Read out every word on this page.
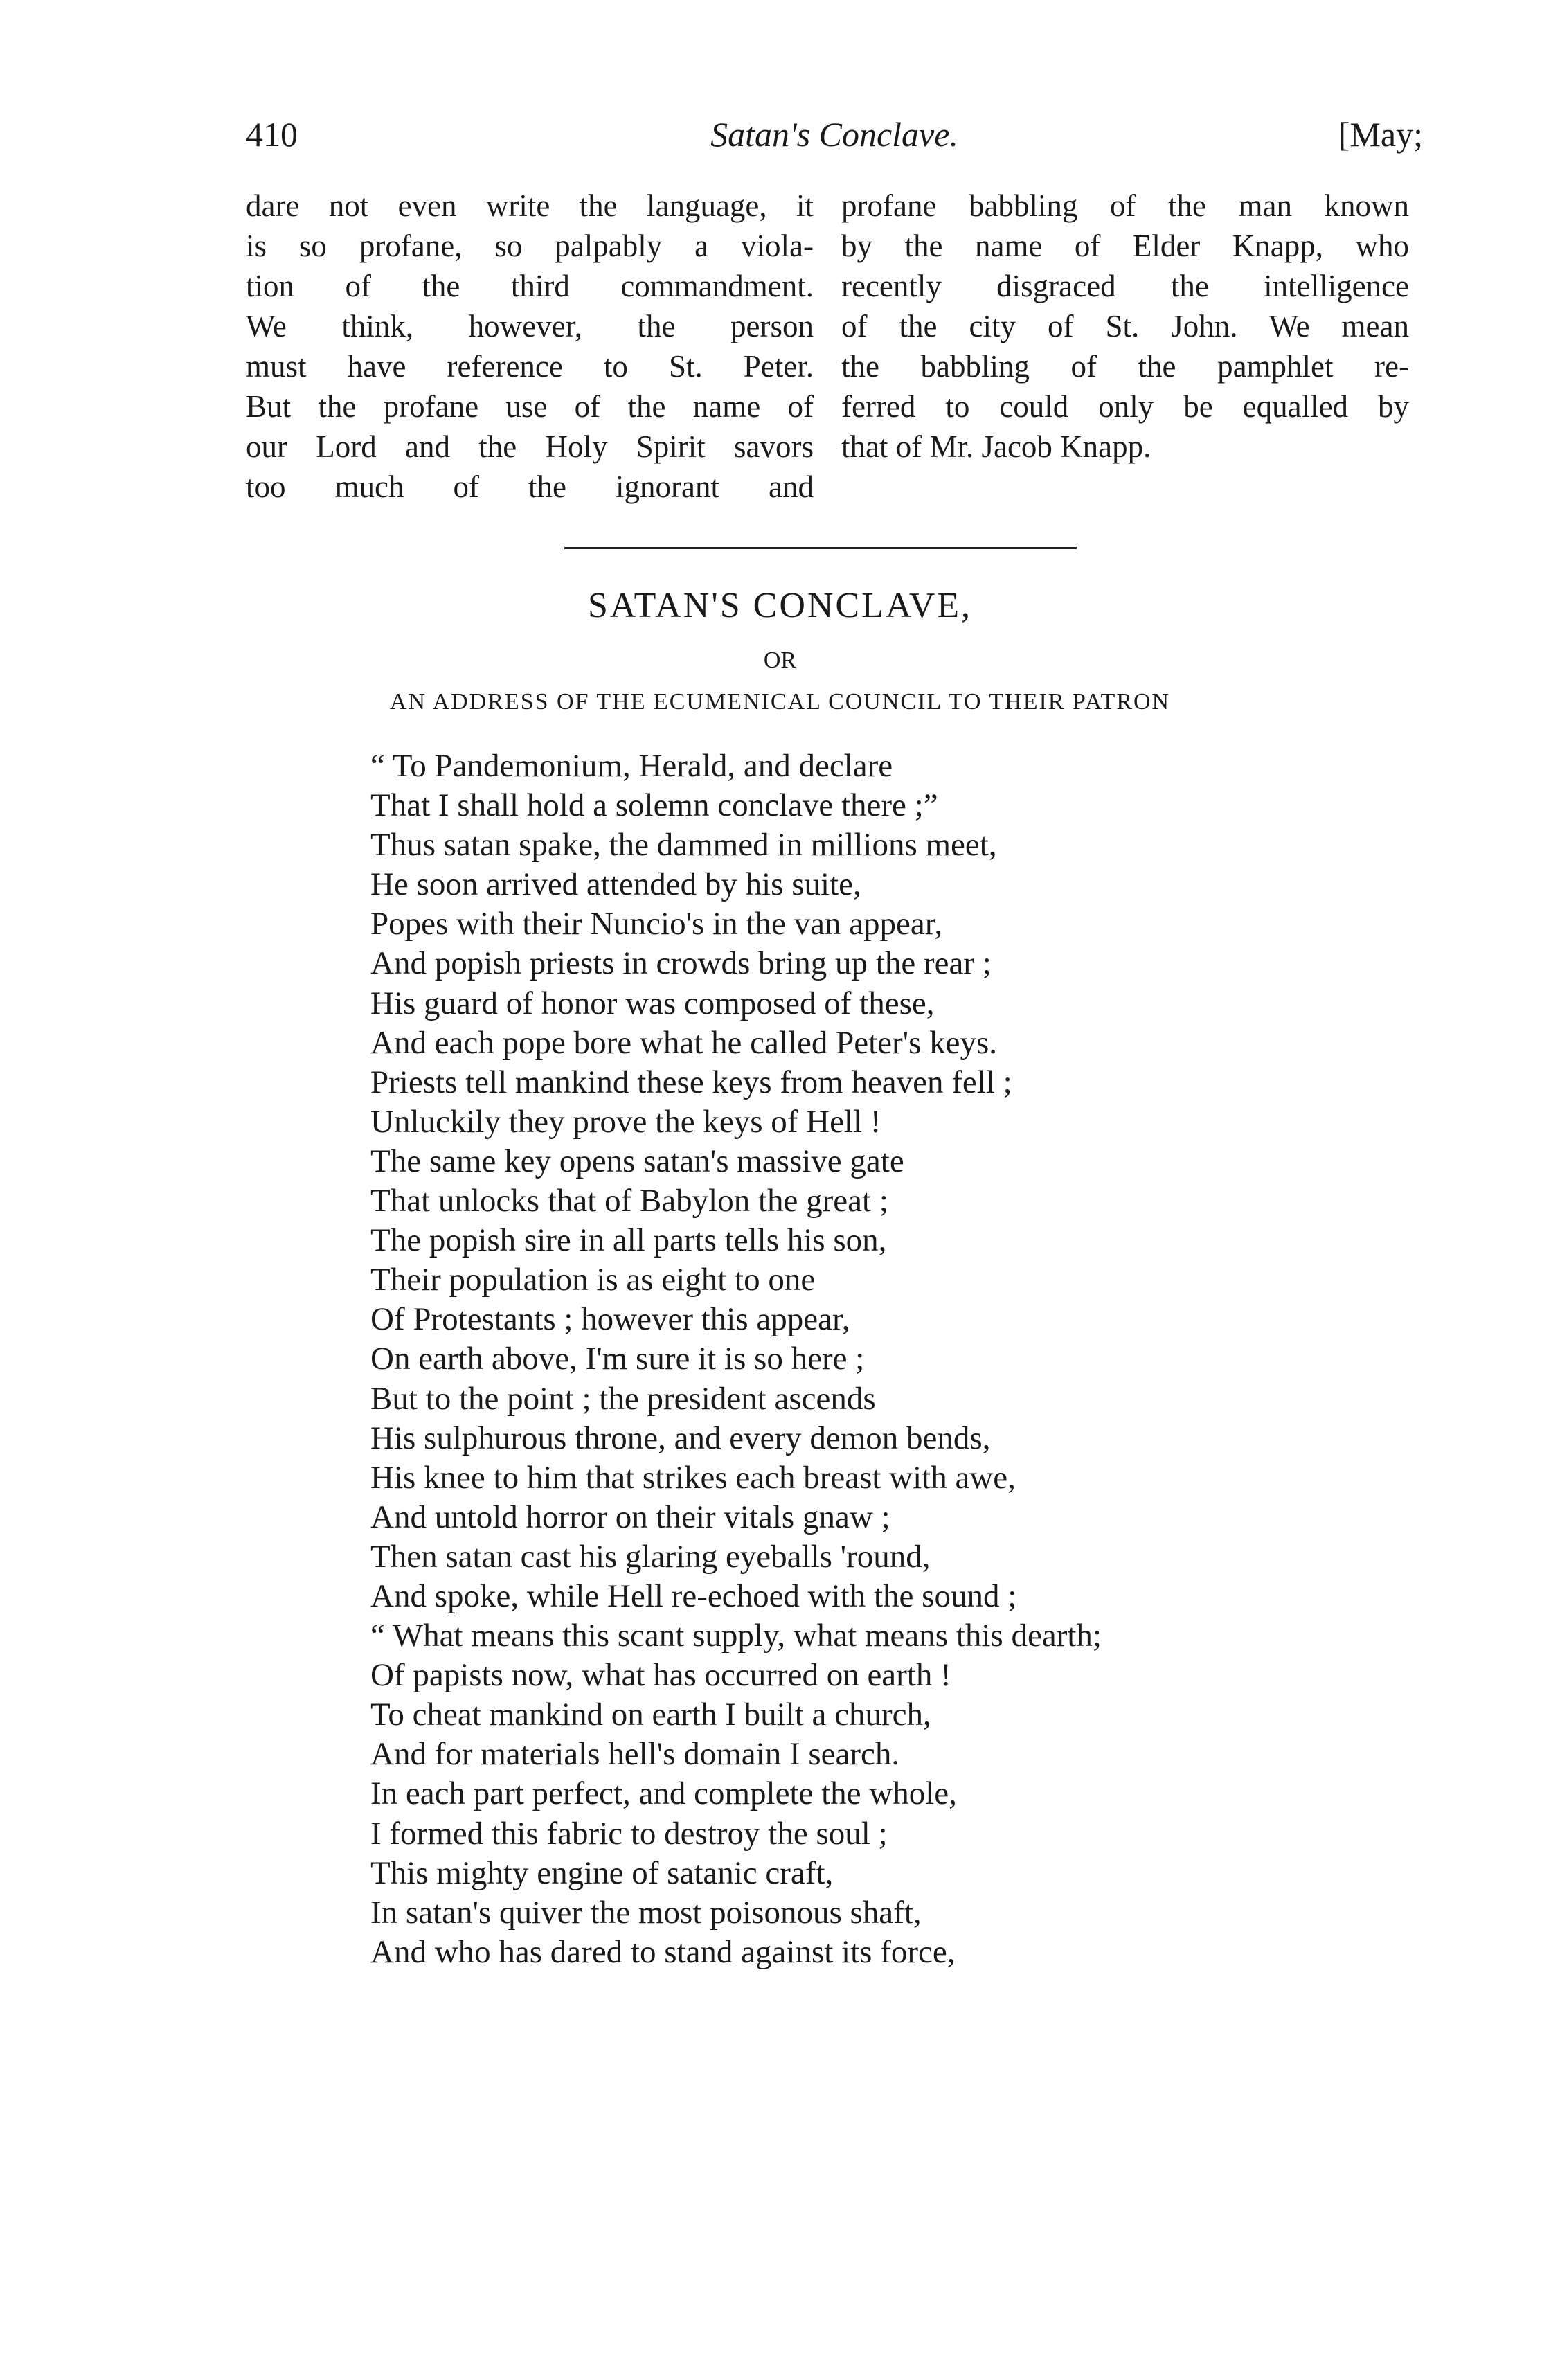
410	Satan's Conclave.	[May;
dare not even write the language, it
is so profane, so palpably a viola-
tion of the third commandment.
We think, however, the person
must have reference to St. Peter.
But the profane use of the name of
our Lord and the Holy Spirit savors
too much of the ignorant and
profane babbling of the man known
by the name of Elder Knapp, who
recently disgraced the intelligence
of the city of St. John. We mean
the babbling of the pamphlet re-
ferred to could only be equalled by
that of Mr. Jacob Knapp.
SATAN'S CONCLAVE,
OR
AN ADDRESS OF THE ECUMENICAL COUNCIL TO THEIR PATRON
“ To Pandemonium, Herald, and declare
That I shall hold a solemn conclave there ;”
Thus satan spake, the dammed in millions meet,
He soon arrived attended by his suite,
Popes with their Nuncio's in the van appear,
And popish priests in crowds bring up the rear ;
His guard of honor was composed of these,
And each pope bore what he called Peter's keys.
Priests tell mankind these keys from heaven fell ;
Unluckily they prove the keys of Hell !
The same key opens satan's massive gate
That unlocks that of Babylon the great ;
The popish sire in all parts tells his son,
Their population is as eight to one
Of Protestants ; however this appear,
On earth above, I'm sure it is so here ;
But to the point ; the president ascends
His sulphurous throne, and every demon bends,
His knee to him that strikes each breast with awe,
And untold horror on their vitals gnaw ;
Then satan cast his glaring eyeballs 'round,
And spoke, while Hell re-echoed with the sound ;
“ What means this scant supply, what means this dearth;
Of papists now, what has occurred on earth !
To cheat mankind on earth I built a church,
And for materials hell's domain I search.
In each part perfect, and complete the whole,
I formed this fabric to destroy the soul ;
This mighty engine of satanic craft,
In satan's quiver the most poisonous shaft,
And who has dared to stand against its force,
